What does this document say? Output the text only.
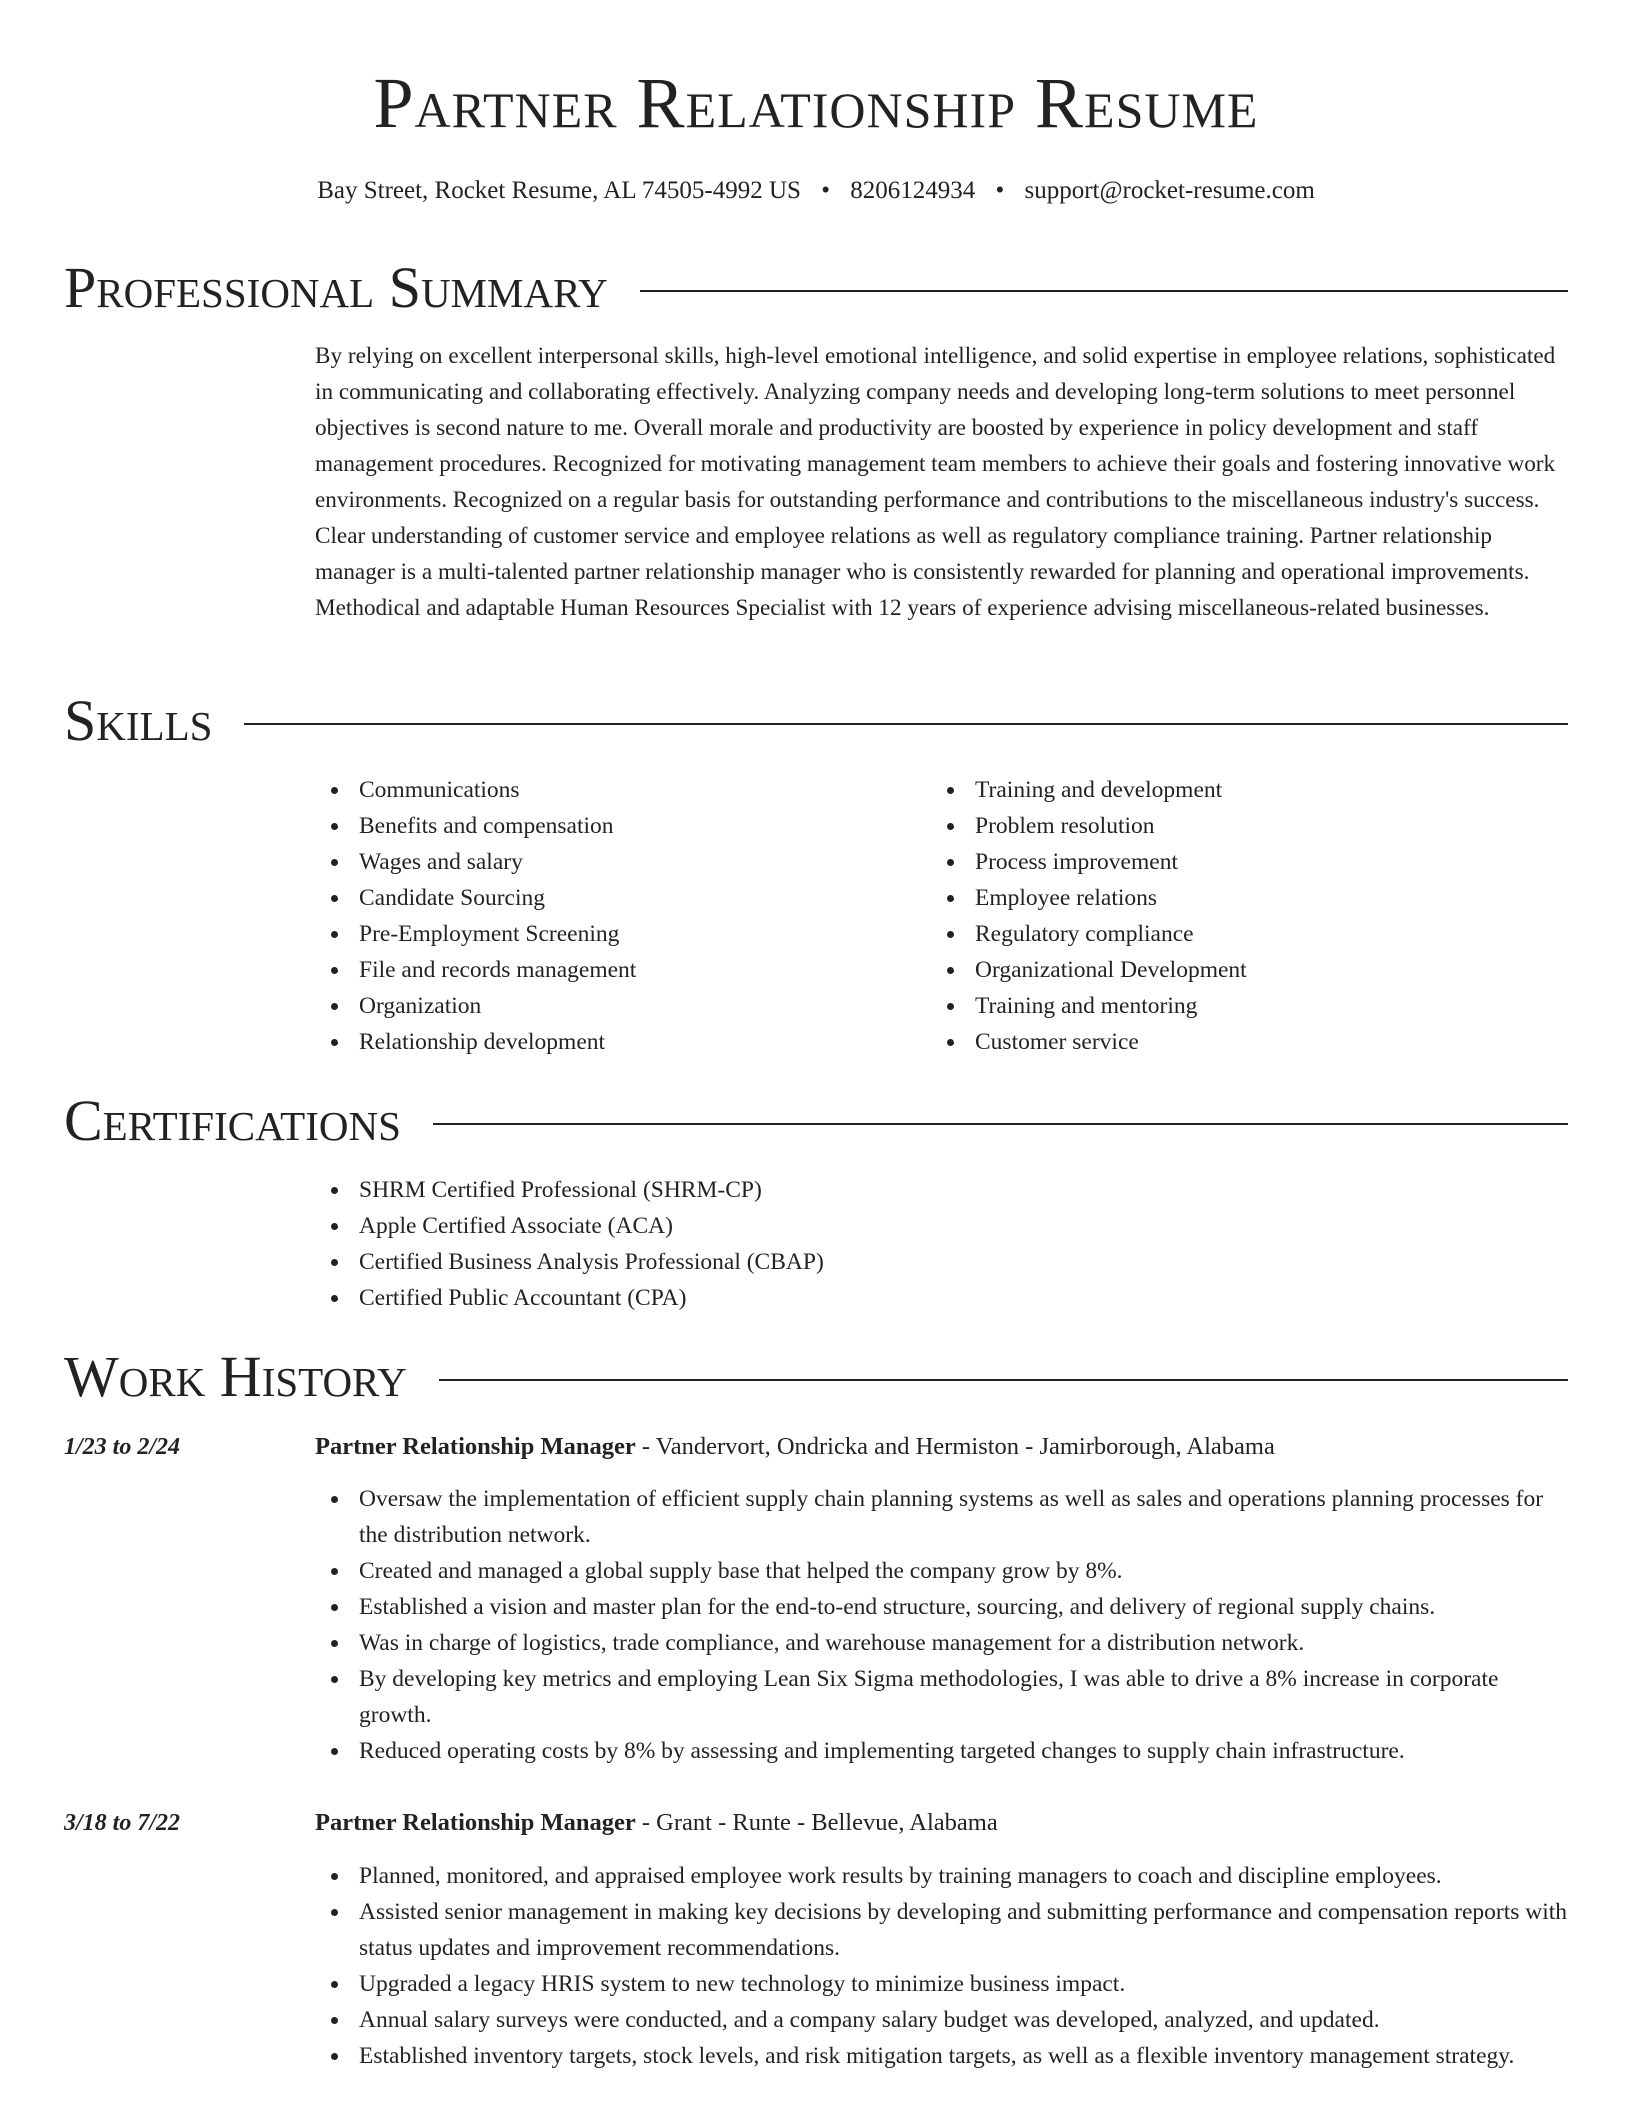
Partner Relationship Resume
Bay Street, Rocket Resume, AL 74505-4992 US • 8206124934 • support@rocket-resume.com
Professional Summary

By relying on excellent interpersonal skills, high-level emotional intelligence, and solid expertise in employee relations, sophisticated in communicating and collaborating effectively. Analyzing company needs and developing long-term solutions to meet personnel objectives is second nature to me. Overall morale and productivity are boosted by experience in policy development and staff management procedures. Recognized for motivating management team members to achieve their goals and fostering innovative work environments. Recognized on a regular basis for outstanding performance and contributions to the miscellaneous industry's success. Clear understanding of customer service and employee relations as well as regulatory compliance training. Partner relationship manager is a multi-talented partner relationship manager who is consistently rewarded for planning and operational improvements. Methodical and adaptable Human Resources Specialist with 12 years of experience advising miscellaneous-related businesses.

Skills
Communications
Benefits and compensation
Wages and salary
Candidate Sourcing
Pre-Employment Screening
File and records management
Organization
Relationship development
Training and development
Problem resolution
Process improvement
Employee relations
Regulatory compliance
Organizational Development
Training and mentoring
Customer service
Certifications
SHRM Certified Professional (SHRM-CP)
Apple Certified Associate (ACA)
Certified Business Analysis Professional (CBAP)
Certified Public Accountant (CPA)
Work History
1/23 to 2/24	Partner Relationship Manager - Vandervort, Ondricka and Hermiston - Jamirborough, Alabama
Oversaw the implementation of efficient supply chain planning systems as well as sales and operations planning processes for the distribution network.
Created and managed a global supply base that helped the company grow by 8%.
Established a vision and master plan for the end-to-end structure, sourcing, and delivery of regional supply chains.
Was in charge of logistics, trade compliance, and warehouse management for a distribution network.
By developing key metrics and employing Lean Six Sigma methodologies, I was able to drive a 8% increase in corporate growth.
Reduced operating costs by 8% by assessing and implementing targeted changes to supply chain infrastructure.
3/18 to 7/22	Partner Relationship Manager - Grant - Runte - Bellevue, Alabama
Planned, monitored, and appraised employee work results by training managers to coach and discipline employees.
Assisted senior management in making key decisions by developing and submitting performance and compensation reports with status updates and improvement recommendations.
Upgraded a legacy HRIS system to new technology to minimize business impact.
Annual salary surveys were conducted, and a company salary budget was developed, analyzed, and updated.
Established inventory targets, stock levels, and risk mitigation targets, as well as a flexible inventory management strategy.
